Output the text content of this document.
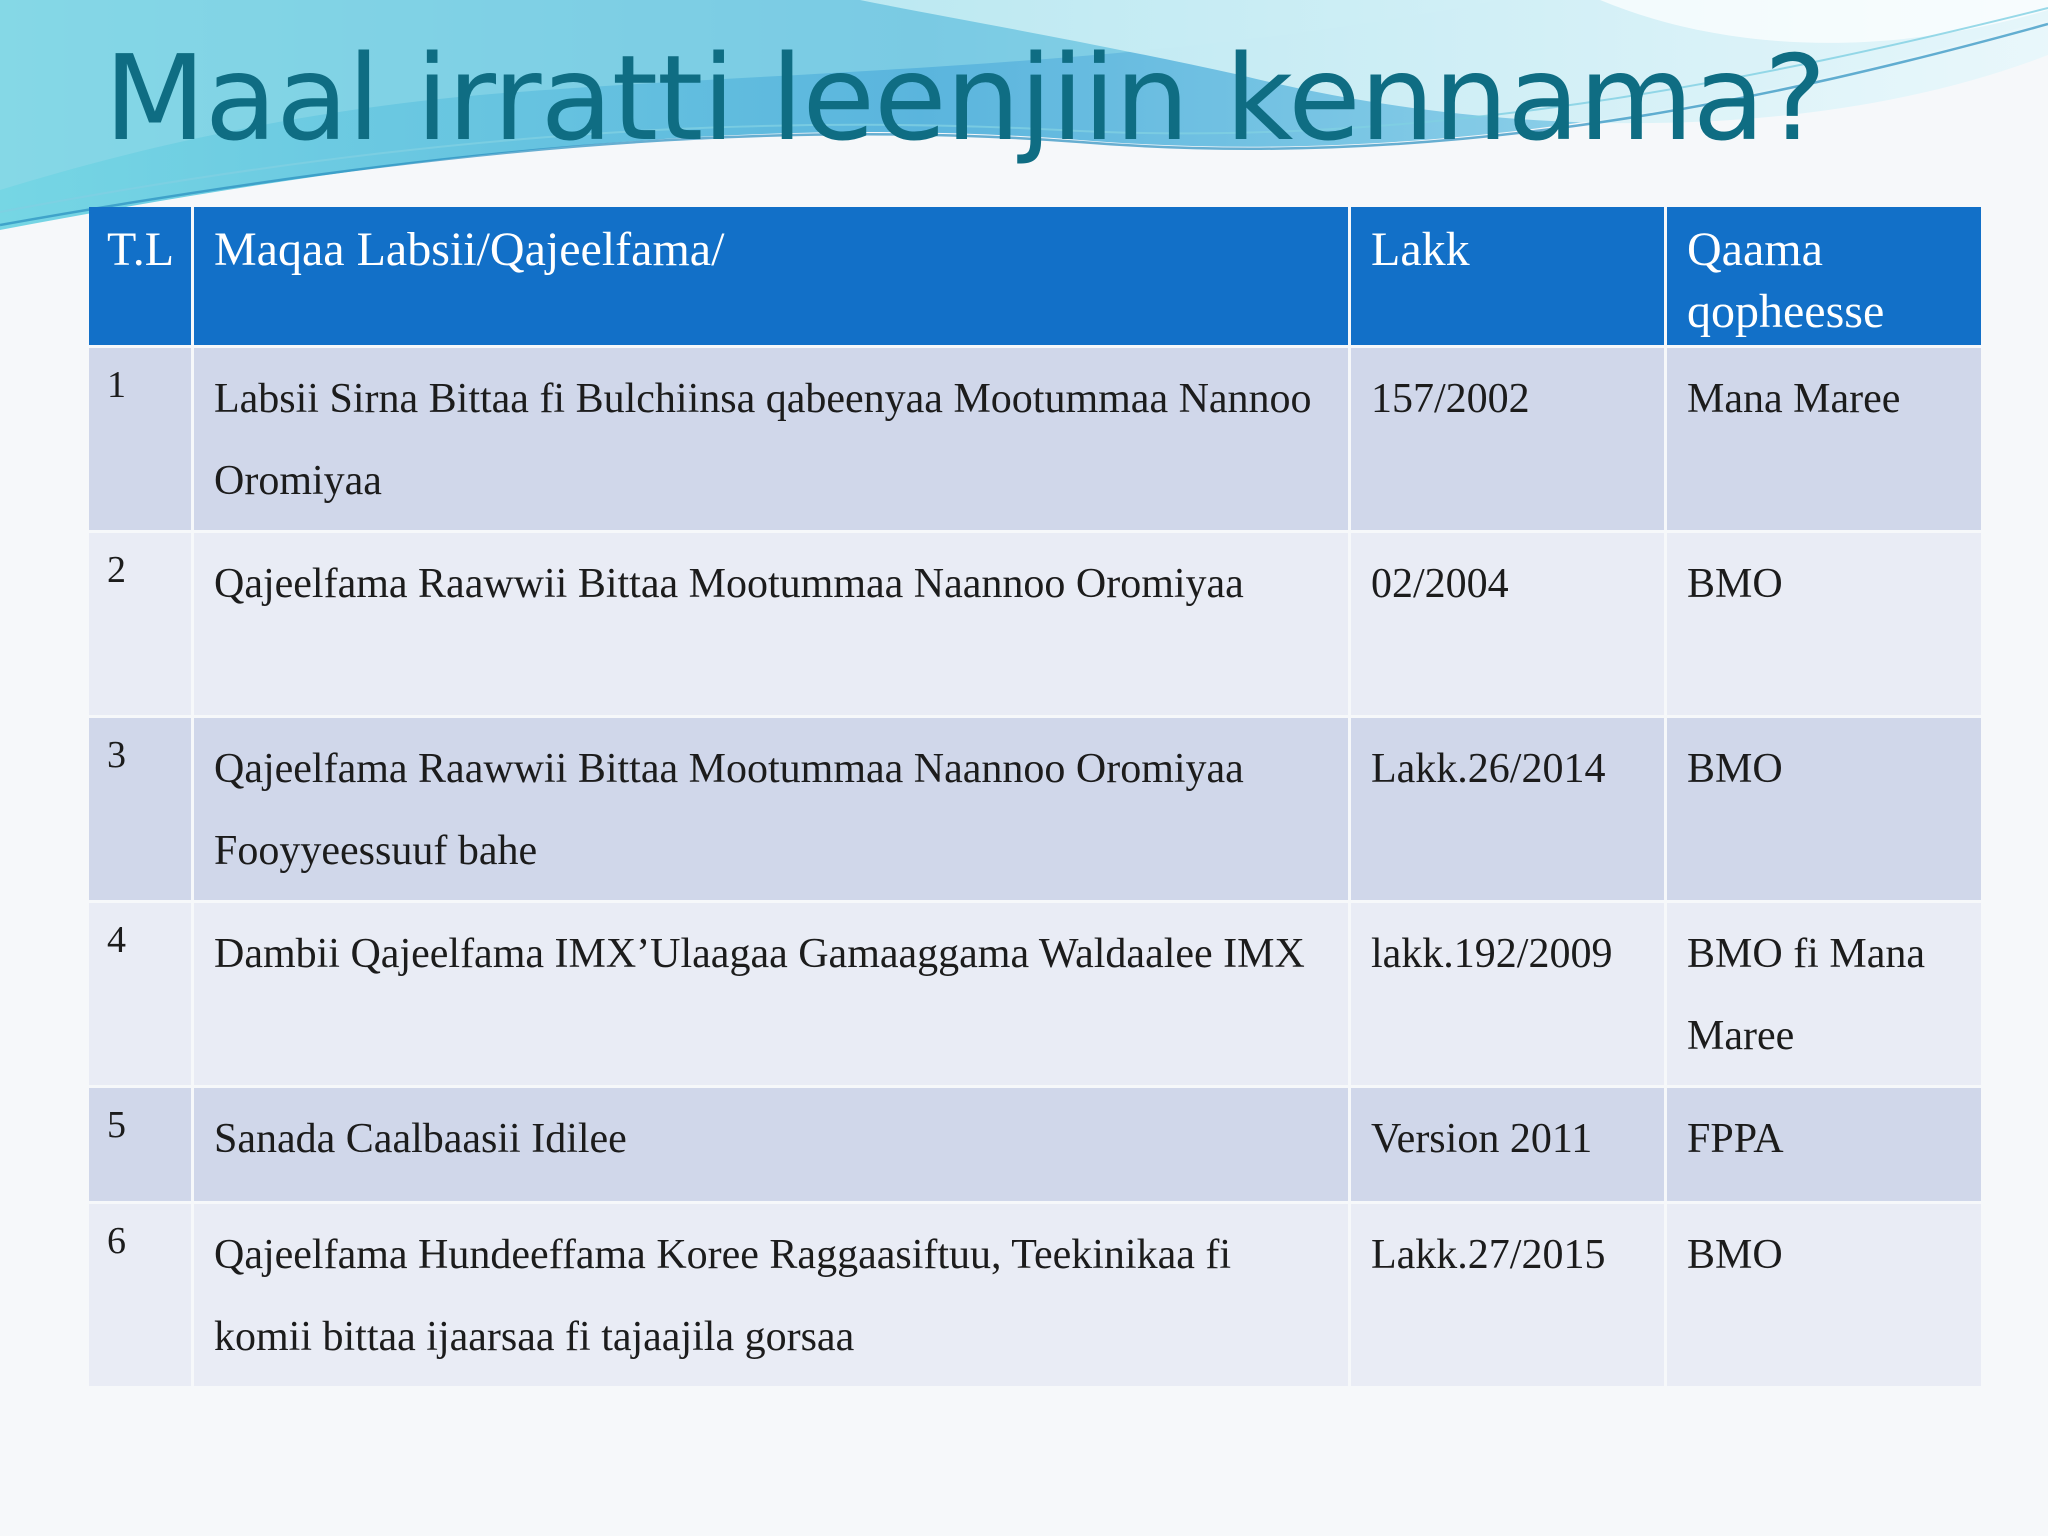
Maal irratti leenjiin kennama?
T.L	Maqaa Labsii/Qajeelfama/	Lakk	Qaama qopheesse
1	Labsii Sirna Bittaa fi Bulchiinsa qabeenyaa Mootummaa Nannoo Oromiyaa	157/2002	Mana Maree
2	Qajeelfama Raawwii Bittaa Mootummaa Naannoo Oromiyaa	02/2004	BMO
3	Qajeelfama Raawwii Bittaa Mootummaa Naannoo Oromiyaa Fooyyeessuuf bahe	Lakk.26/2014	BMO
4	Dambii Qajeelfama IMX’Ulaagaa Gamaaggama Waldaalee IMX	lakk.192/2009	BMO fi Mana Maree
5	Sanada Caalbaasii Idilee	Version 2011	FPPA
6	Qajeelfama Hundeeffama Koree Raggaasiftuu, Teekinikaa fi komii bittaa ijaarsaa fi tajaajila gorsaa	Lakk.27/2015	BMO
